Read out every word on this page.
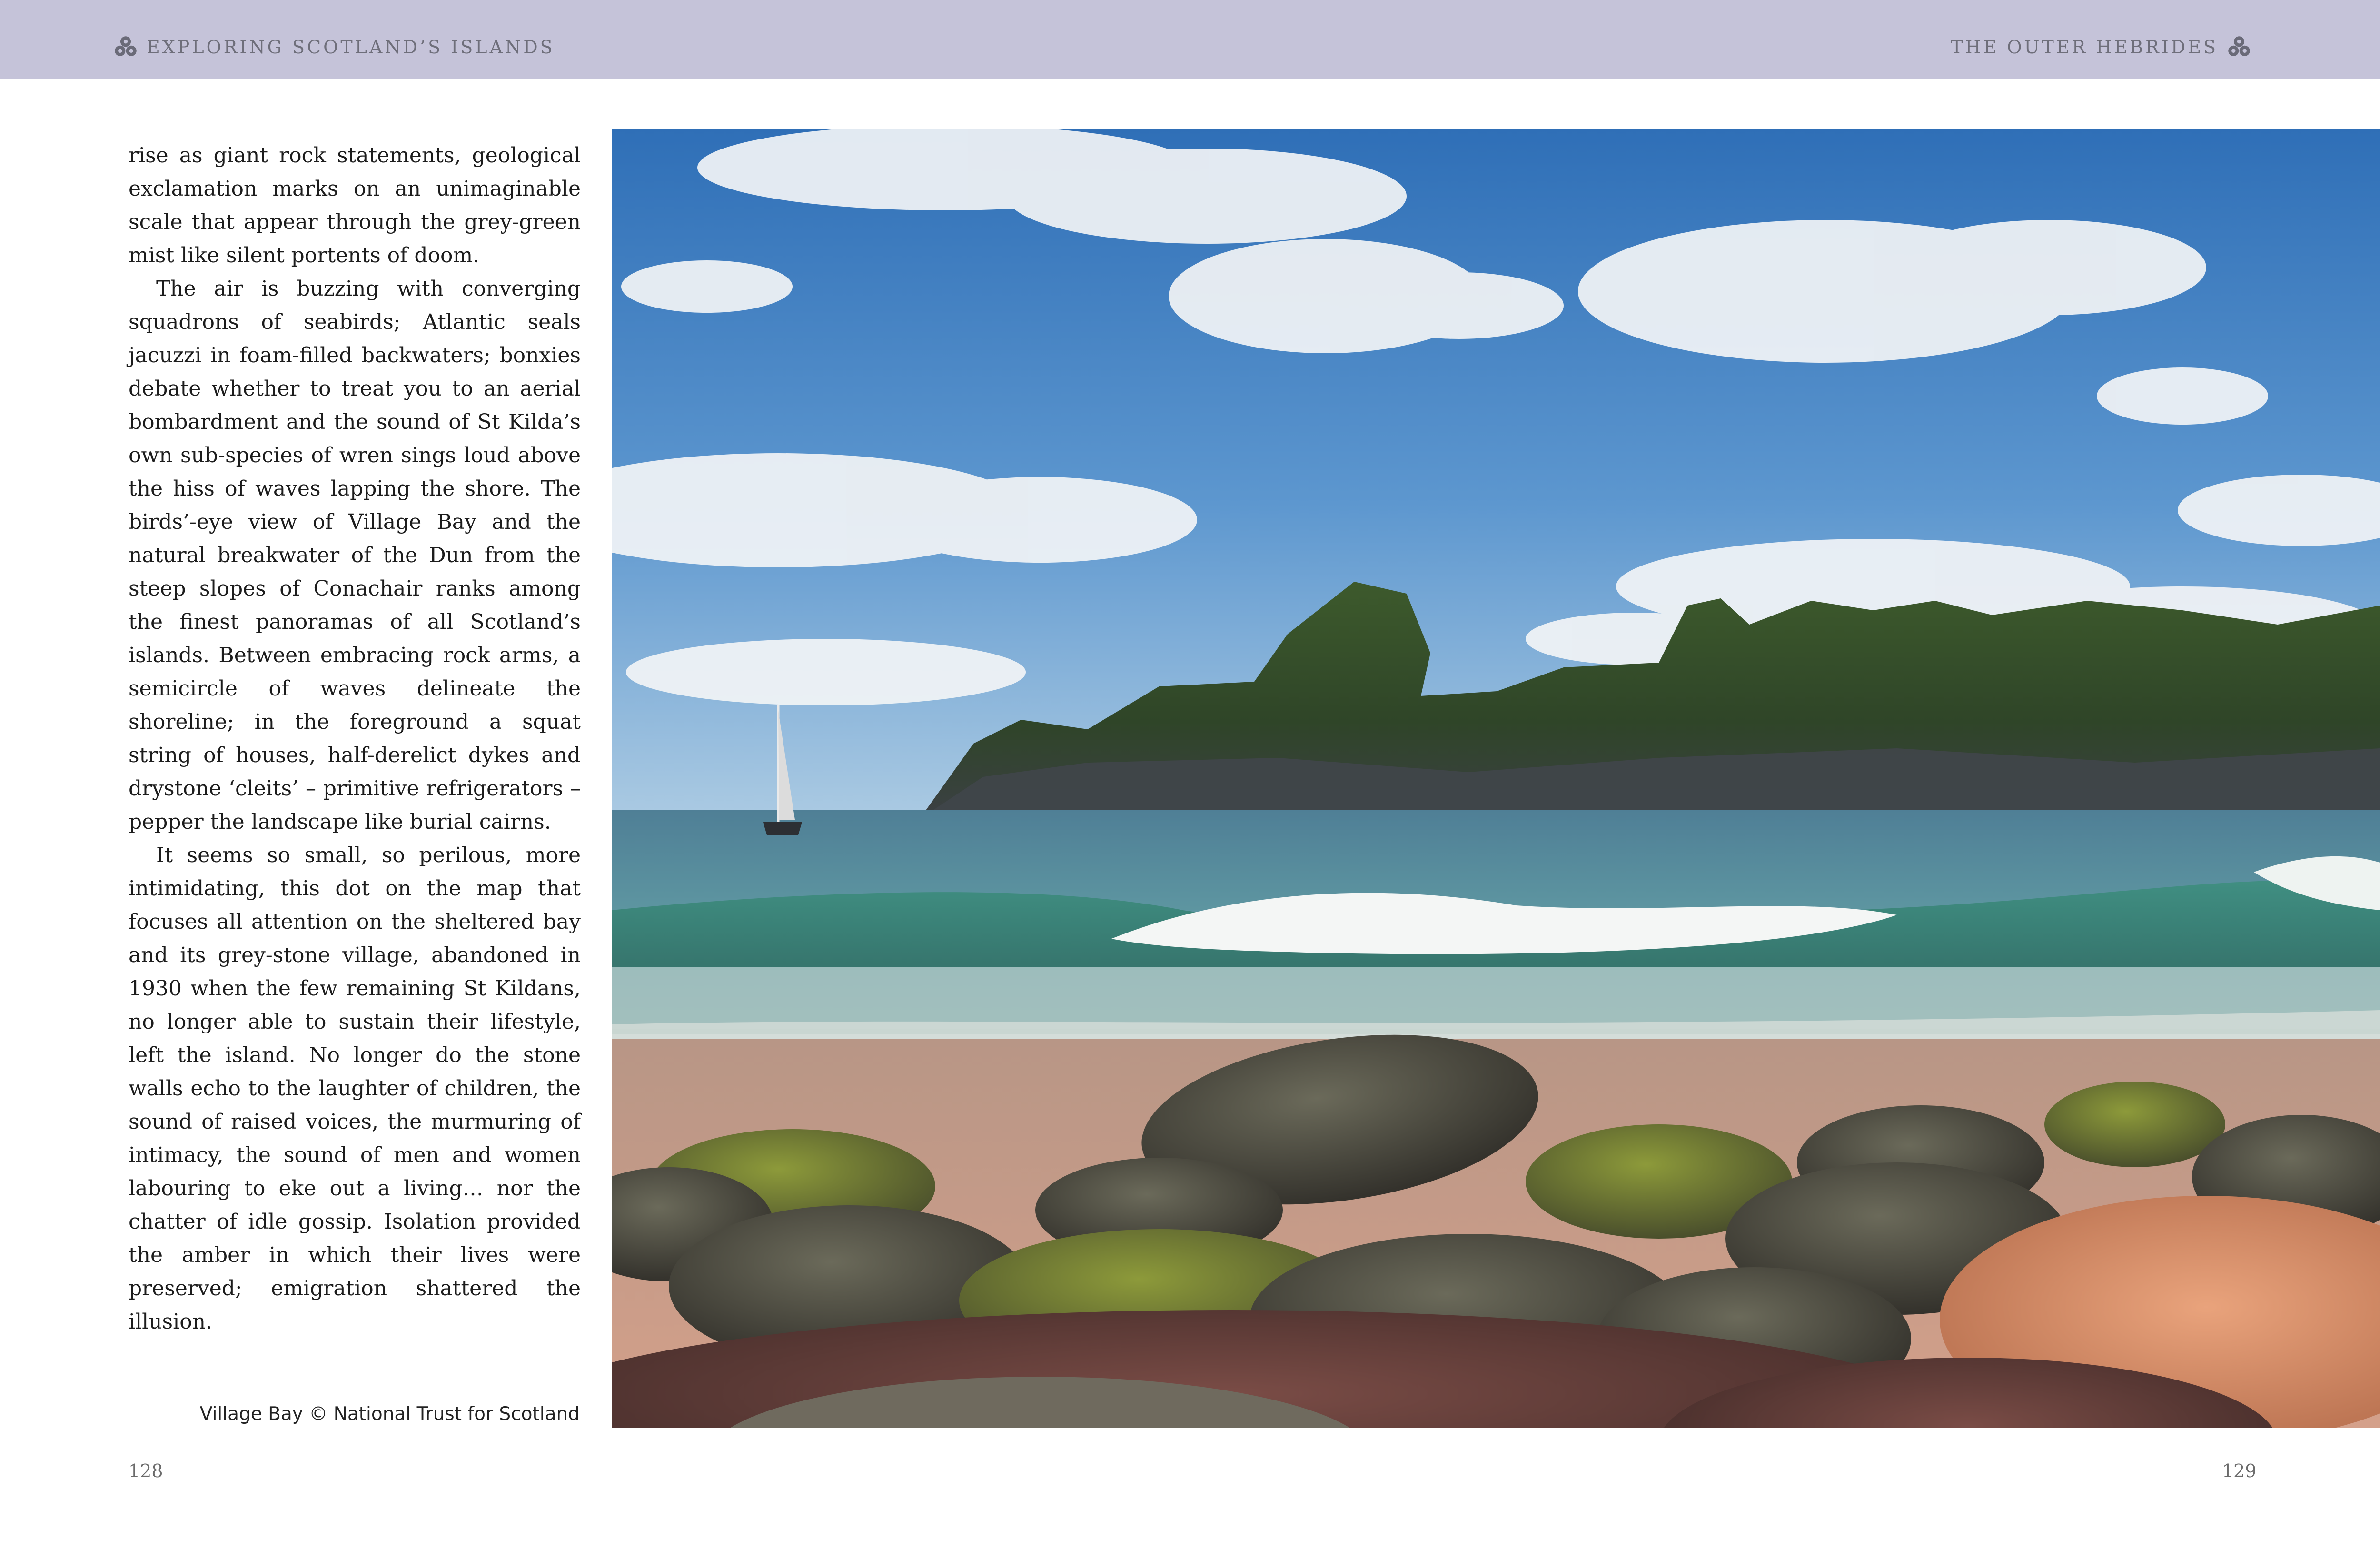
EXPLORING SCOTLAND’S ISLANDS	THE OUTER HEBRIDES

rise as giant rock statements, geological exclamation marks on an unimaginable scale that appear through the grey-green mist like silent portents of doom.

The air is buzzing with converging squadrons of seabirds; Atlantic seals jacuzzi in foam-filled backwaters; bonxies debate whether to treat you to an aerial bombardment and the sound of St Kilda’s own sub-species of wren sings loud above the hiss of waves lapping the shore. The birds’-eye view of Village Bay and the natural breakwater of the Dun from the steep slopes of Conachair ranks among the finest panoramas of all Scotland’s islands. Between embracing rock arms, a semicircle of waves delineate the shoreline; in the foreground a squat string of houses, half-derelict dykes and drystone ‘cleits’ – primitive refrigerators – pepper the landscape like burial cairns.

It seems so small, so perilous, more intimidating, this dot on the map that focuses all attention on the sheltered bay and its grey-stone village, abandoned in 1930 when the few remaining St Kildans, no longer able to sustain their lifestyle, left the island. No longer do the stone walls echo to the laughter of children, the sound of raised voices, the murmuring of intimacy, the sound of men and women labouring to eke out a living… nor the chatter of idle gossip. Isolation provided the amber in which their lives were preserved; emigration shattered the illusion.

Village Bay © National Trust for Scotland
128	129
